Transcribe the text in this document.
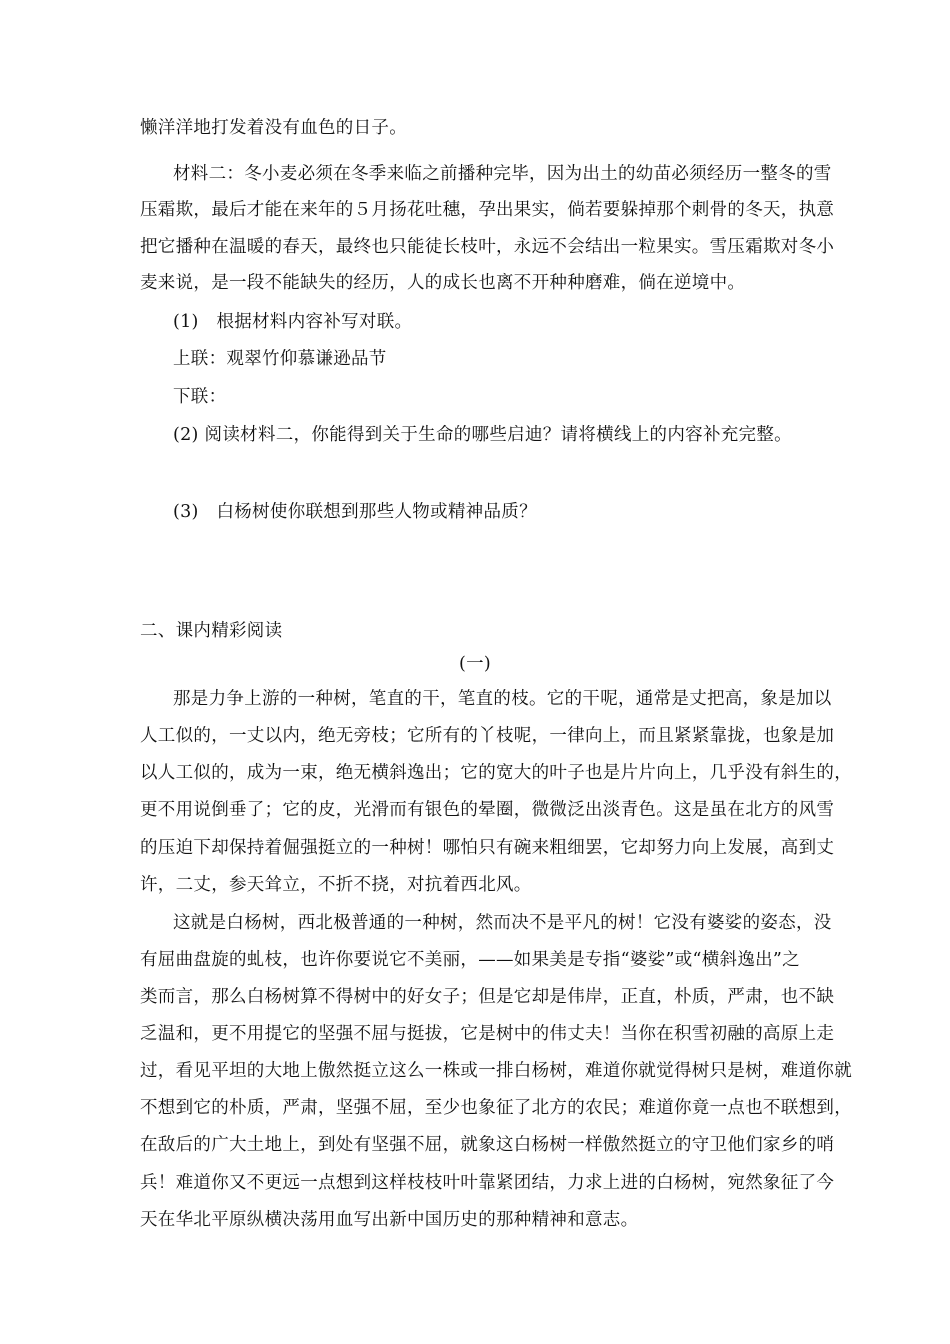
懒洋洋地打发着没有血色的日子。
材料二：冬小麦必须在冬季来临之前播种完毕，因为出土的幼苗必须经历一整冬的雪
压霜欺，最后才能在来年的５月扬花吐穗，孕出果实，倘若要躲掉那个刺骨的冬天，执意
把它播种在温暖的春天，最终也只能徒长枝叶，永远不会结出一粒果实。雪压霜欺对冬小
麦来说，是一段不能缺失的经历，人的成长也离不开种种磨难，倘在逆境中。
(1)　根据材料内容补写对联。
上联：观翠竹仰慕谦逊品节
下联：
(2) 阅读材料二，你能得到关于生命的哪些启迪？请将横线上的内容补充完整。
(3)　白杨树使你联想到那些人物或精神品质？
二、课内精彩阅读
(一)
那是力争上游的一种树，笔直的干，笔直的枝。它的干呢，通常是丈把高，象是加以
人工似的，一丈以内，绝无旁枝；它所有的丫枝呢，一律向上，而且紧紧靠拢，也象是加
以人工似的，成为一束，绝无横斜逸出；它的宽大的叶子也是片片向上，几乎没有斜生的，
更不用说倒垂了；它的皮，光滑而有银色的晕圈，微微泛出淡青色。这是虽在北方的风雪
的压迫下却保持着倔强挺立的一种树！哪怕只有碗来粗细罢，它却努力向上发展，高到丈
许，二丈，参天耸立，不折不挠，对抗着西北风。
这就是白杨树，西北极普通的一种树，然而决不是平凡的树！它没有婆娑的姿态，没
有屈曲盘旋的虬枝，也许你要说它不美丽，——如果美是专指“婆娑”或“横斜逸出”之
类而言，那么白杨树算不得树中的好女子；但是它却是伟岸，正直，朴质，严肃，也不缺
乏温和，更不用提它的坚强不屈与挺拔，它是树中的伟丈夫！当你在积雪初融的高原上走
过，看见平坦的大地上傲然挺立这么一株或一排白杨树，难道你就觉得树只是树，难道你就
不想到它的朴质，严肃，坚强不屈，至少也象征了北方的农民；难道你竟一点也不联想到，
在敌后的广大土地上，到处有坚强不屈，就象这白杨树一样傲然挺立的守卫他们家乡的哨
兵！难道你又不更远一点想到这样枝枝叶叶靠紧团结，力求上进的白杨树，宛然象征了今
天在华北平原纵横决荡用血写出新中国历史的那种精神和意志。
